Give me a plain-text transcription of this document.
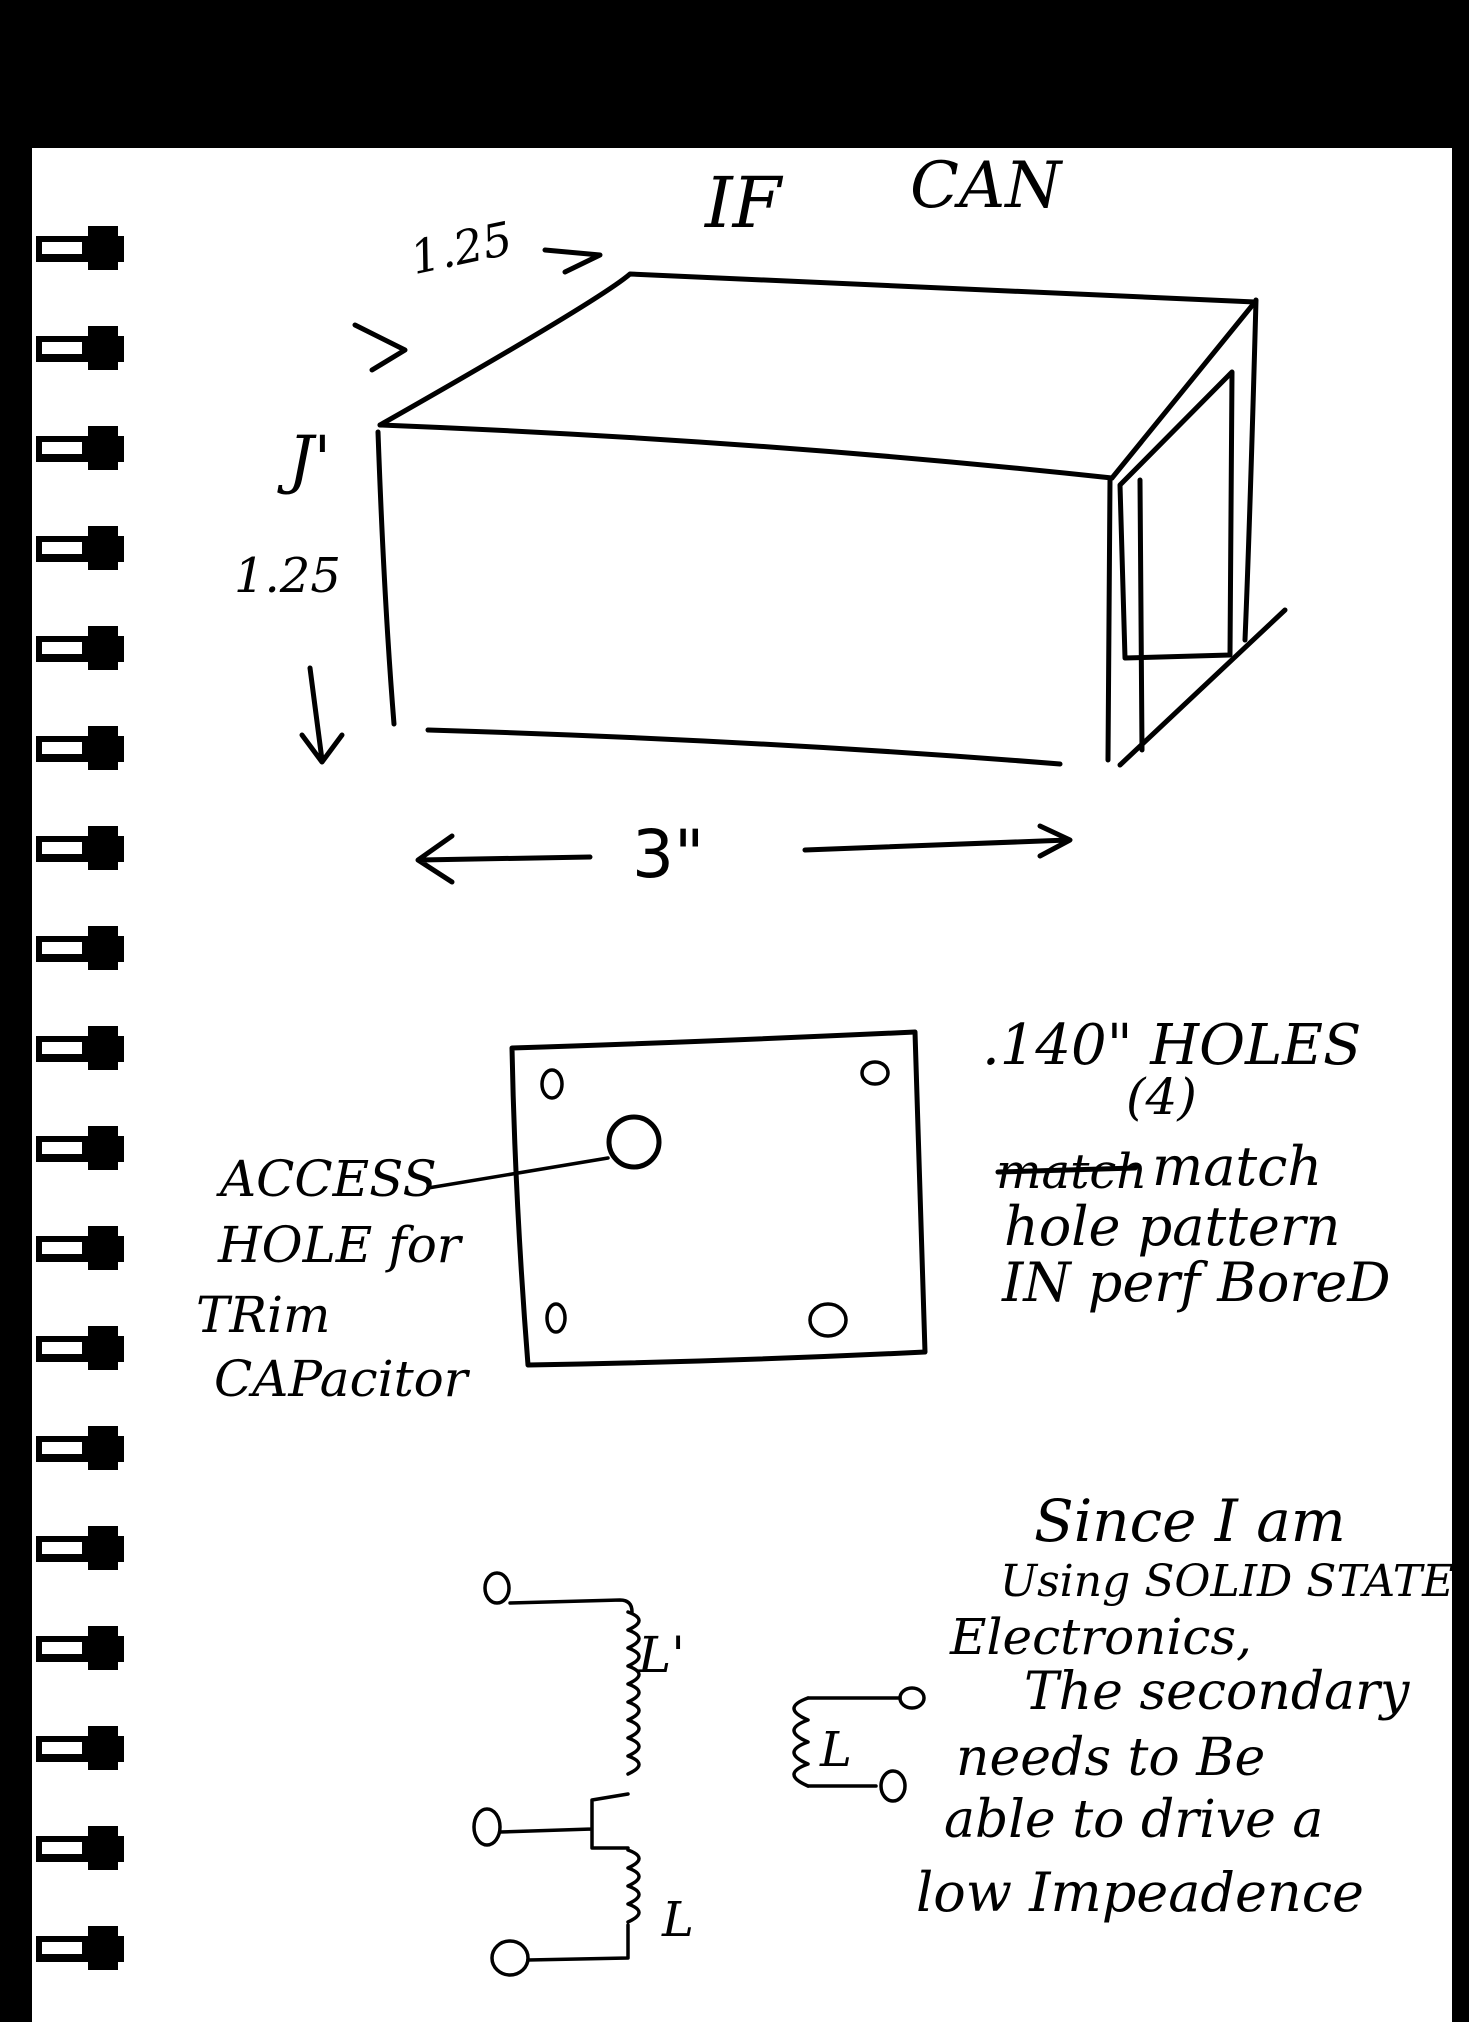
IF CAN
1.25
J'
1.25
3"
.140" HOLES
(4)
match match
hole pattern
IN perf BoreD
ACCESS
HOLE for
TRim
CAPacitor
L'
L
L
Since I am
Using SOLID STATE
Electronics,
The secondary
needs to Be
able to drive a
low Impeadence
